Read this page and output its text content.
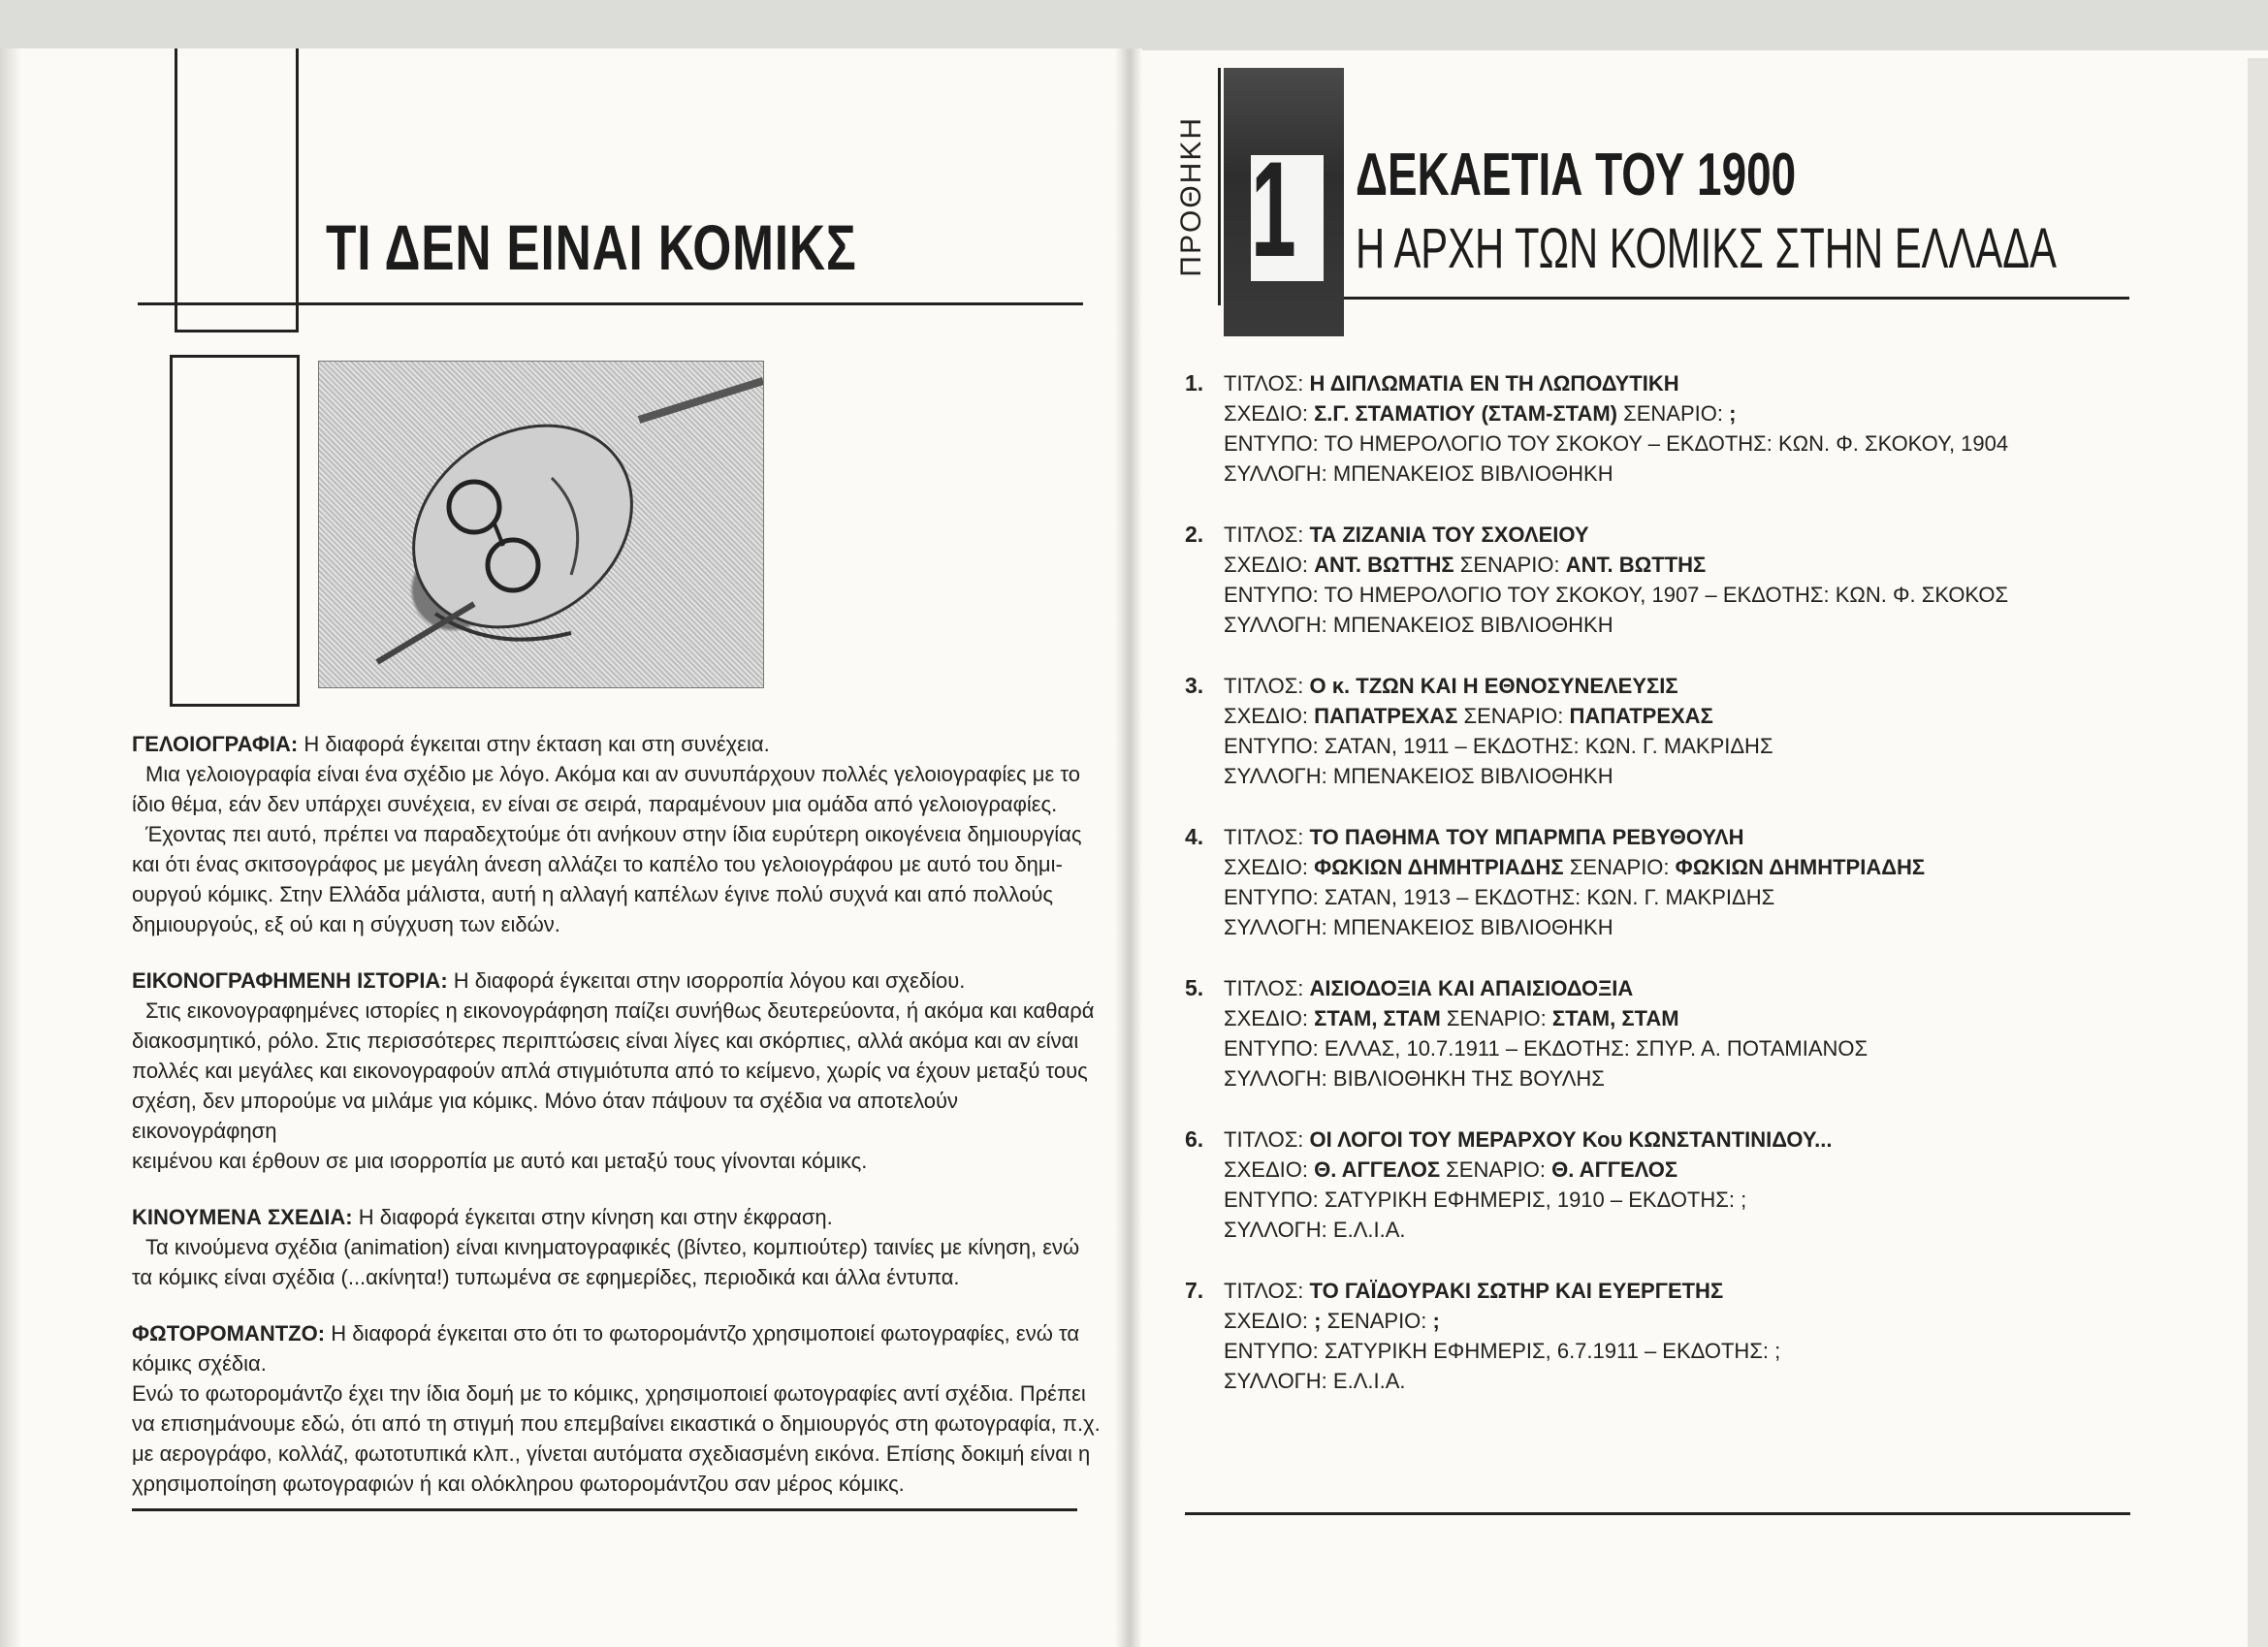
ΤΙ ΔΕΝ ΕΙΝΑΙ ΚΟΜΙΚΣ

ΓΕΛΟΙΟΓΡΑΦΙΑ: Η διαφορά έγκειται στην έκταση και στη συνέχεια.

Μια γελοιογραφία είναι ένα σχέδιο με λόγο. Ακόμα και αν συνυπάρχουν πολλές γελοιογραφίες με το

ίδιο θέμα, εάν δεν υπάρχει συνέχεια, εν είναι σε σειρά, παραμένουν μια ομάδα από γελοιογραφίες.

Έχοντας πει αυτό, πρέπει να παραδεχτούμε ότι ανήκουν στην ίδια ευρύτερη οικογένεια δημιουργίας

και ότι ένας σκιτσογράφος με μεγάλη άνεση αλλάζει το καπέλο του γελοιογράφου με αυτό του δημι-

ουργού κόμικς. Στην Ελλάδα μάλιστα, αυτή η αλλαγή καπέλων έγινε πολύ συχνά και από πολλούς

δημιουργούς, εξ ού και η σύγχυση των ειδών.

ΕΙΚΟΝΟΓΡΑΦΗΜΕΝΗ ΙΣΤΟΡΙΑ: Η διαφορά έγκειται στην ισορροπία λόγου και σχεδίου.

Στις εικονογραφημένες ιστορίες η εικονογράφηση παίζει συνήθως δευτερεύοντα, ή ακόμα και καθαρά

διακοσμητικό, ρόλο. Στις περισσότερες περιπτώσεις είναι λίγες και σκόρπιες, αλλά ακόμα και αν είναι

πολλές και μεγάλες και εικονογραφούν απλά στιγμιότυπα από το κείμενο, χωρίς να έχουν μεταξύ τους

σχέση, δεν μπορούμε να μιλάμε για κόμικς. Μόνο όταν πάψουν τα σχέδια να αποτελούν εικονογράφηση

κειμένου και έρθουν σε μια ισορροπία με αυτό και μεταξύ τους γίνονται κόμικς.

ΚΙΝΟΥΜΕΝΑ ΣΧΕΔΙΑ: Η διαφορά έγκειται στην κίνηση και στην έκφραση.

Τα κινούμενα σχέδια (animation) είναι κινηματογραφικές (βίντεο, κομπιούτερ) ταινίες με κίνηση, ενώ

τα κόμικς είναι σχέδια (...ακίνητα!) τυπωμένα σε εφημερίδες, περιοδικά και άλλα έντυπα.

ΦΩΤΟΡΟΜΑΝΤΖΟ: Η διαφορά έγκειται στο ότι το φωτορομάντζο χρησιμοποιεί φωτογραφίες, ενώ τα

κόμικς σχέδια.

Ενώ το φωτορομάντζο έχει την ίδια δομή με το κόμικς, χρησιμοποιεί φωτογραφίες αντί σχέδια. Πρέπει

να επισημάνουμε εδώ, ότι από τη στιγμή που επεμβαίνει εικαστικά ο δημιουργός στη φωτογραφία, π.χ.

με αερογράφο, κολλάζ, φωτοτυπικά κλπ., γίνεται αυτόματα σχεδιασμένη εικόνα. Επίσης δοκιμή είναι η

χρησιμοποίηση φωτογραφιών ή και ολόκληρου φωτορομάντζου σαν μέρος κόμικς.

ΠΡΟΘΗΚΗ 1 ΔΕΚΑΕΤΙΑ ΤΟΥ 1900
Η ΑΡΧΗ ΤΩΝ ΚΟΜΙΚΣ ΣΤΗΝ ΕΛΛΑΔΑ
1. ΤΙΤΛΟΣ: Η ΔΙΠΛΩΜΑΤΙΑ ΕΝ ΤΗ ΛΩΠΟΔΥΤΙΚΗ
ΣΧΕΔΙΟ: Σ.Γ. ΣΤΑΜΑΤΙΟΥ (ΣΤΑΜ-ΣΤΑΜ) ΣΕΝΑΡΙΟ: ;
ΕΝΤΥΠΟ: ΤΟ ΗΜΕΡΟΛΟΓΙΟ ΤΟΥ ΣΚΟΚΟΥ – ΕΚΔΟΤΗΣ: ΚΩΝ. Φ. ΣΚΟΚΟΥ, 1904
ΣΥΛΛΟΓΗ: ΜΠΕΝΑΚΕΙΟΣ ΒΙΒΛΙΟΘΗΚΗ
2. ΤΙΤΛΟΣ: ΤΑ ΖΙΖΑΝΙΑ ΤΟΥ ΣΧΟΛΕΙΟΥ
ΣΧΕΔΙΟ: ΑΝΤ. ΒΩΤΤΗΣ ΣΕΝΑΡΙΟ: ΑΝΤ. ΒΩΤΤΗΣ
ΕΝΤΥΠΟ: ΤΟ ΗΜΕΡΟΛΟΓΙΟ ΤΟΥ ΣΚΟΚΟΥ, 1907 – ΕΚΔΟΤΗΣ: ΚΩΝ. Φ. ΣΚΟΚΟΣ
ΣΥΛΛΟΓΗ: ΜΠΕΝΑΚΕΙΟΣ ΒΙΒΛΙΟΘΗΚΗ
3. ΤΙΤΛΟΣ: Ο κ. ΤΖΩΝ ΚΑΙ Η ΕΘΝΟΣΥΝΕΛΕΥΣΙΣ
ΣΧΕΔΙΟ: ΠΑΠΑΤΡΕΧΑΣ ΣΕΝΑΡΙΟ: ΠΑΠΑΤΡΕΧΑΣ
ΕΝΤΥΠΟ: ΣΑΤΑΝ, 1911 – ΕΚΔΟΤΗΣ: ΚΩΝ. Γ. ΜΑΚΡΙΔΗΣ
ΣΥΛΛΟΓΗ: ΜΠΕΝΑΚΕΙΟΣ ΒΙΒΛΙΟΘΗΚΗ
4. ΤΙΤΛΟΣ: ΤΟ ΠΑΘΗΜΑ ΤΟΥ ΜΠΑΡΜΠΑ ΡΕΒΥΘΟΥΛΗ
ΣΧΕΔΙΟ: ΦΩΚΙΩΝ ΔΗΜΗΤΡΙΑΔΗΣ ΣΕΝΑΡΙΟ: ΦΩΚΙΩΝ ΔΗΜΗΤΡΙΑΔΗΣ
ΕΝΤΥΠΟ: ΣΑΤΑΝ, 1913 – ΕΚΔΟΤΗΣ: ΚΩΝ. Γ. ΜΑΚΡΙΔΗΣ
ΣΥΛΛΟΓΗ: ΜΠΕΝΑΚΕΙΟΣ ΒΙΒΛΙΟΘΗΚΗ
5. ΤΙΤΛΟΣ: ΑΙΣΙΟΔΟΞΙΑ ΚΑΙ ΑΠΑΙΣΙΟΔΟΞΙΑ
ΣΧΕΔΙΟ: ΣΤΑΜ, ΣΤΑΜ ΣΕΝΑΡΙΟ: ΣΤΑΜ, ΣΤΑΜ
ΕΝΤΥΠΟ: ΕΛΛΑΣ, 10.7.1911 – ΕΚΔΟΤΗΣ: ΣΠΥΡ. Α. ΠΟΤΑΜΙΑΝΟΣ
ΣΥΛΛΟΓΗ: ΒΙΒΛΙΟΘΗΚΗ ΤΗΣ ΒΟΥΛΗΣ
6. ΤΙΤΛΟΣ: ΟΙ ΛΟΓΟΙ ΤΟΥ ΜΕΡΑΡΧΟΥ Κου ΚΩΝΣΤΑΝΤΙΝΙΔΟΥ...
ΣΧΕΔΙΟ: Θ. ΑΓΓΕΛΟΣ ΣΕΝΑΡΙΟ: Θ. ΑΓΓΕΛΟΣ
ΕΝΤΥΠΟ: ΣΑΤΥΡΙΚΗ ΕΦΗΜΕΡΙΣ, 1910 – ΕΚΔΟΤΗΣ: ;
ΣΥΛΛΟΓΗ: Ε.Λ.Ι.Α.
7. ΤΙΤΛΟΣ: ΤΟ ΓΑΪΔΟΥΡΑΚΙ ΣΩΤΗΡ ΚΑΙ ΕΥΕΡΓΕΤΗΣ
ΣΧΕΔΙΟ: ; ΣΕΝΑΡΙΟ: ;
ΕΝΤΥΠΟ: ΣΑΤΥΡΙΚΗ ΕΦΗΜΕΡΙΣ, 6.7.1911 – ΕΚΔΟΤΗΣ: ;
ΣΥΛΛΟΓΗ: Ε.Λ.Ι.Α.
